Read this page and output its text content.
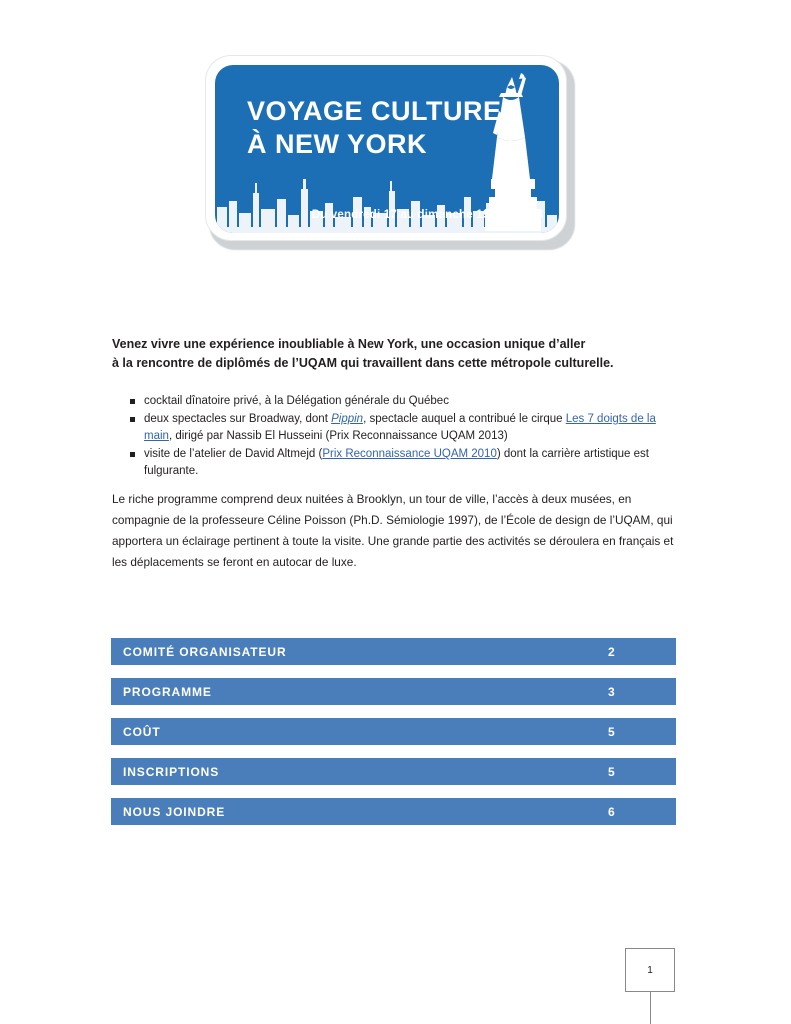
VOYAGE CULTUREL
À NEW YORK
Du vendredi 17 au dimanche 19 mai 2013
Venez vivre une expérience inoubliable à New York, une occasion unique d’aller
à la rencontre de diplômés de l’UQAM qui travaillent dans cette métropole culturelle.
cocktail dînatoire privé, à la Délégation générale du Québec
deux spectacles sur Broadway, dont Pippin, spectacle auquel a contribué le cirque Les 7 doigts de la main, dirigé par Nassib El Husseini (Prix Reconnaissance UQAM 2013)
visite de l’atelier de David Altmejd (Prix Reconnaissance UQAM 2010) dont la carrière artistique est fulgurante.
Le riche programme comprend deux nuitées à Brooklyn, un tour de ville, l’accès à deux musées, en compagnie de la professeure Céline Poisson (Ph.D. Sémiologie 1997), de l’École de design de l’UQAM, qui apportera un éclairage pertinent à toute la visite. Une grande partie des activités se déroulera en français et les déplacements se feront en autocar de luxe.
COMITÉ ORGANISATEUR	2
PROGRAMME	3
COÛT	5
INSCRIPTIONS	5
NOUS JOINDRE	6
1
